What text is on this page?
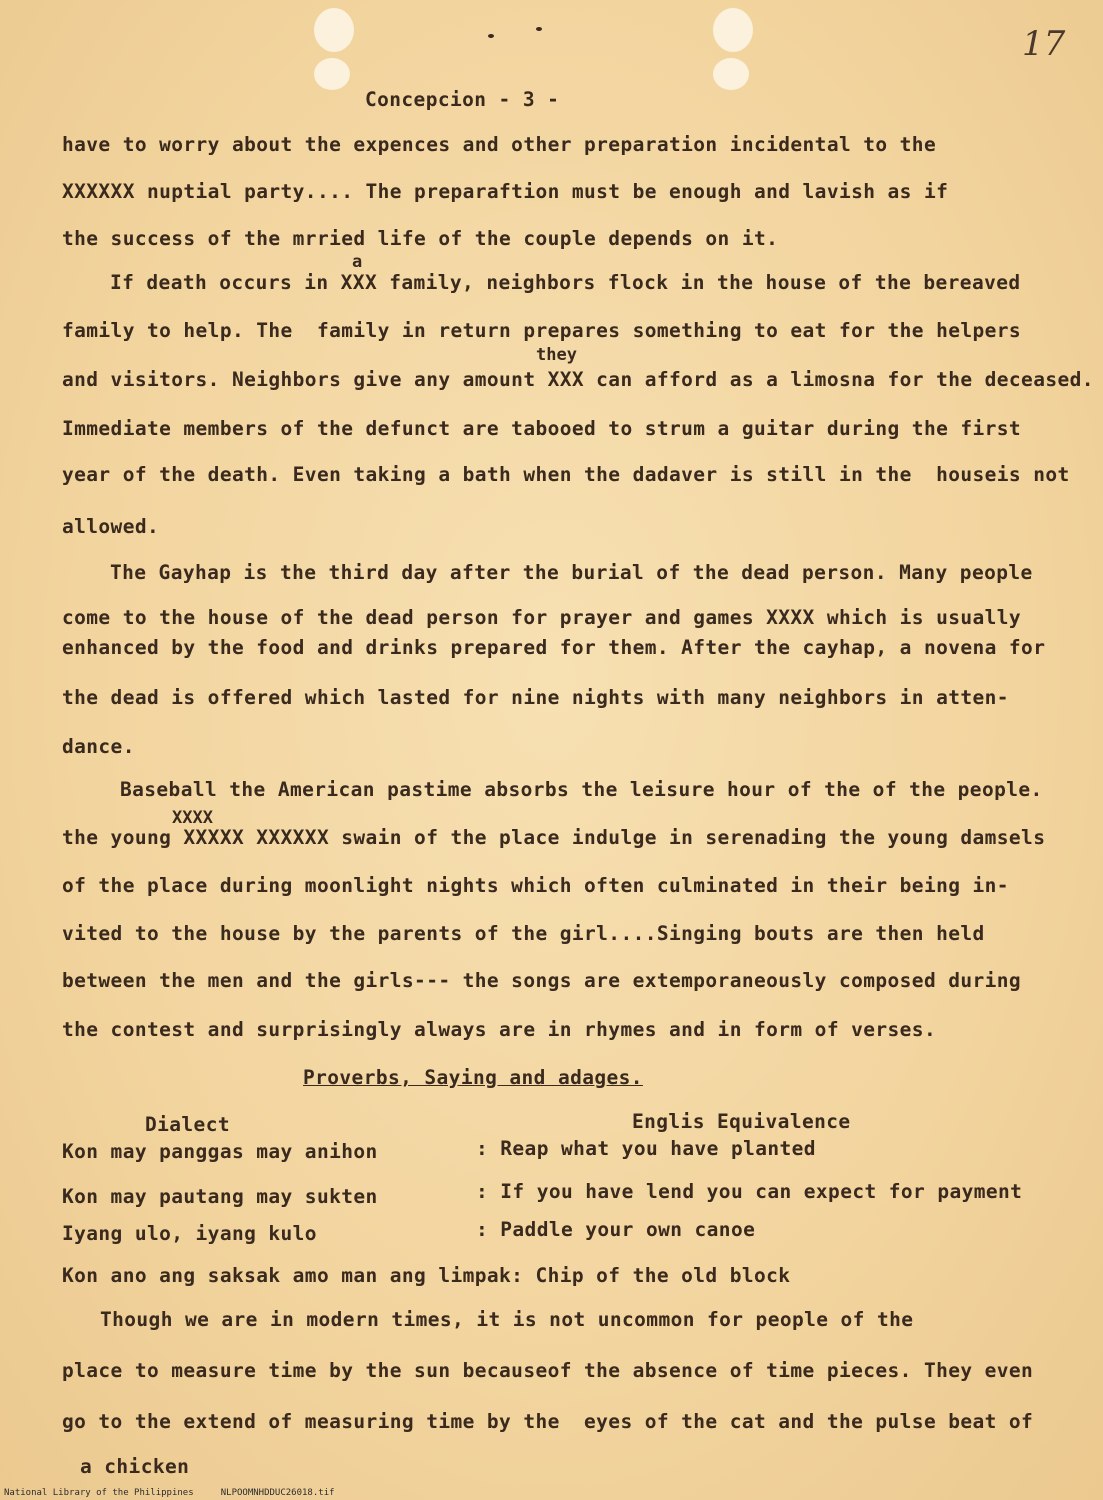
17
Concepcion - 3 -
have to worry about the expences and other preparation incidental to the
XXXXXX nuptial party.... The preparaftion must be enough and lavish as if
the success of the mrried life of the couple depends on it.
a
If death occurs in XXX family, neighbors flock in the house of the bereaved
family to help. The  family in return prepares something to eat for the helpers
they
and visitors. Neighbors give any amount XXX can afford as a limosna for the deceased.
Immediate members of the defunct are tabooed to strum a guitar during the first
year of the death. Even taking a bath when the dadaver is still in the  houseis not
allowed.
The Gayhap is the third day after the burial of the dead person. Many people
come to the house of the dead person for prayer and games XXXX which is usually
enhanced by the food and drinks prepared for them. After the cayhap, a novena for
the dead is offered which lasted for nine nights with many neighbors in atten-
dance.
Baseball the American pastime absorbs the leisure hour of the of the people.
XXXX
the young XXXXX XXXXXX swain of the place indulge in serenading the young damsels
of the place during moonlight nights which often culminated in their being in-
vited to the house by the parents of the girl....Singing bouts are then held
between the men and the girls--- the songs are extemporaneously composed during
the contest and surprisingly always are in rhymes and in form of verses.
Proverbs, Saying and adages.
Dialect	Englis Equivalence
Kon may panggas may anihon	: Reap what you have planted
Kon may pautang may sukten	: If you have lend you can expect for payment
Iyang ulo, iyang kulo	: Paddle your own canoe
Kon ano ang saksak amo man ang limpak: Chip of the old block
Though we are in modern times, it is not uncommon for people of the
place to measure time by the sun becauseof the absence of time pieces. They even
go to the extend of measuring time by the  eyes of the cat and the pulse beat of
a chicken
National Library of the Philippines     NLPOOMNHDDUC26018.tif
